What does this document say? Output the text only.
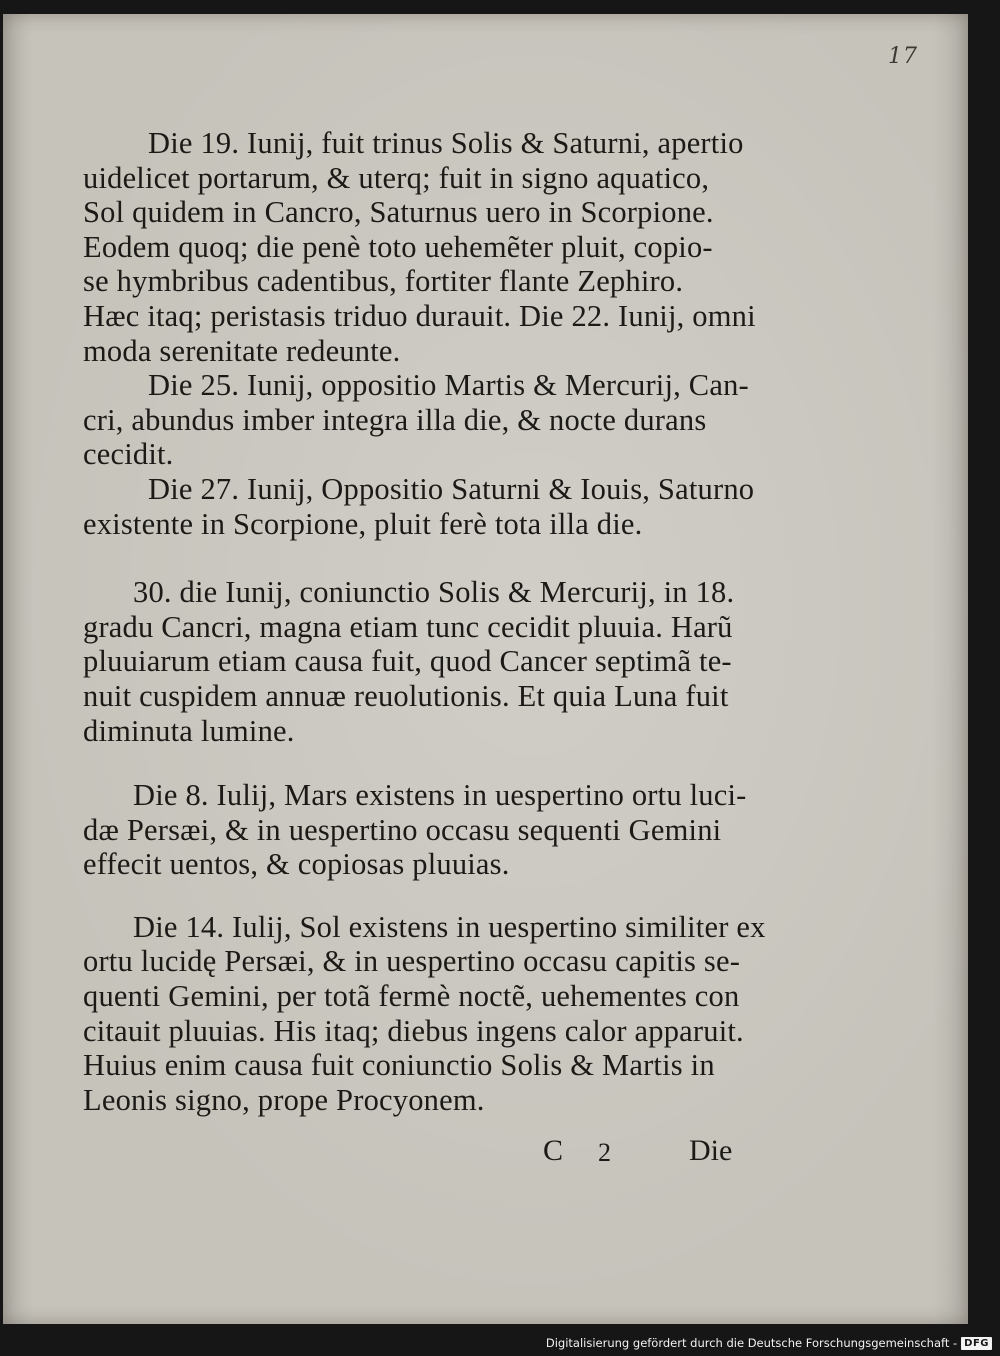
17
Die 19. Iunij, fuit trinus Solis & Saturni, apertio
uidelicet portarum, & uterq; fuit in signo aquatico,
Sol quidem in Cancro, Saturnus uero in Scorpione.
Eodem quoq; die penè toto uehemẽter pluit, copio-
se hymbribus cadentibus, fortiter flante Zephiro.
Hæc itaq; peristasis triduo durauit. Die 22. Iunij, omni
moda serenitate redeunte.
Die 25. Iunij, oppositio Martis & Mercurij, Can-
cri, abundus imber integra illa die, & nocte durans
cecidit.
Die 27. Iunij, Oppositio Saturni & Iouis, Saturno
existente in Scorpione, pluit ferè tota illa die.
30. die Iunij, coniunctio Solis & Mercurij, in 18.
gradu Cancri, magna etiam tunc cecidit pluuia. Harũ
pluuiarum etiam causa fuit, quod Cancer septimã te-
nuit cuspidem annuæ reuolutionis. Et quia Luna fuit
diminuta lumine.
Die 8. Iulij, Mars existens in uespertino ortu luci-
dæ Persæi, & in uespertino occasu sequenti Gemini
effecit uentos, & copiosas pluuias.
Die 14. Iulij, Sol existens in uespertino similiter ex
ortu lucidę Persæi, & in uespertino occasu capitis se-
quenti Gemini, per totã fermè noctẽ, uehementes con
citauit pluuias. His itaq; diebus ingens calor apparuit.
Huius enim causa fuit coniunctio Solis & Martis in
Leonis signo, prope Procyonem.
C 2	Die
Digitalisierung gefördert durch die Deutsche Forschungsgemeinschaft - DFG
